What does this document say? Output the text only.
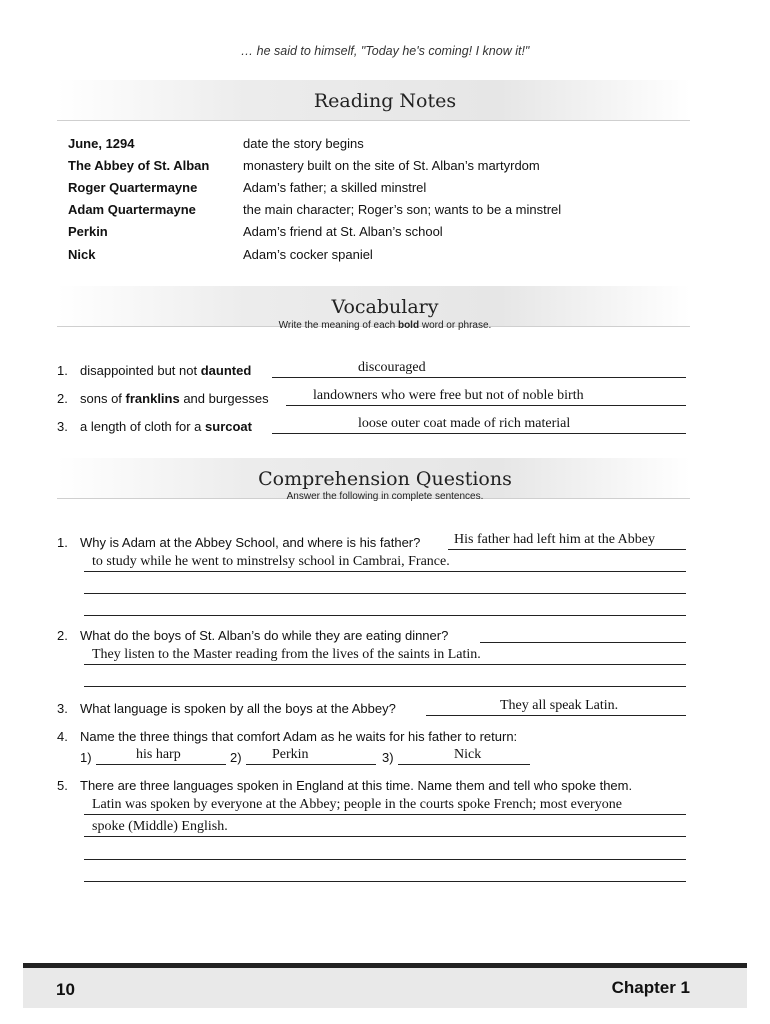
… he said to himself, "Today he's coming! I know it!"
Reading Notes
June, 1294	date the story begins
The Abbey of St. Alban	monastery built on the site of St. Alban’s martyrdom
Roger Quartermayne	Adam’s father; a skilled minstrel
Adam Quartermayne	the main character; Roger’s son; wants to be a minstrel
Perkin	Adam’s friend at St. Alban’s school
Nick	Adam’s cocker spaniel
Vocabulary
Write the meaning of each bold word or phrase.
1. disappointed but not daunted	discouraged
2. sons of franklins and burgesses	landowners who were free but not of noble birth
3. a length of cloth for a surcoat	loose outer coat made of rich material
Comprehension Questions
Answer the following in complete sentences.
1. Why is Adam at the Abbey School, and where is his father? His father had left him at the Abbey
to study while he went to minstrelsy school in Cambrai, France.
2. What do the boys of St. Alban’s do while they are eating dinner?
They listen to the Master reading from the lives of the saints in Latin.
3. What language is spoken by all the boys at the Abbey?	They all speak Latin.
4. Name the three things that comfort Adam as he waits for his father to return:
1)	his harp	2) Perkin	3)	Nick
5. There are three languages spoken in England at this time. Name them and tell who spoke them.
Latin was spoken by everyone at the Abbey; people in the courts spoke French; most everyone
spoke (Middle) English.
10	Chapter 1
